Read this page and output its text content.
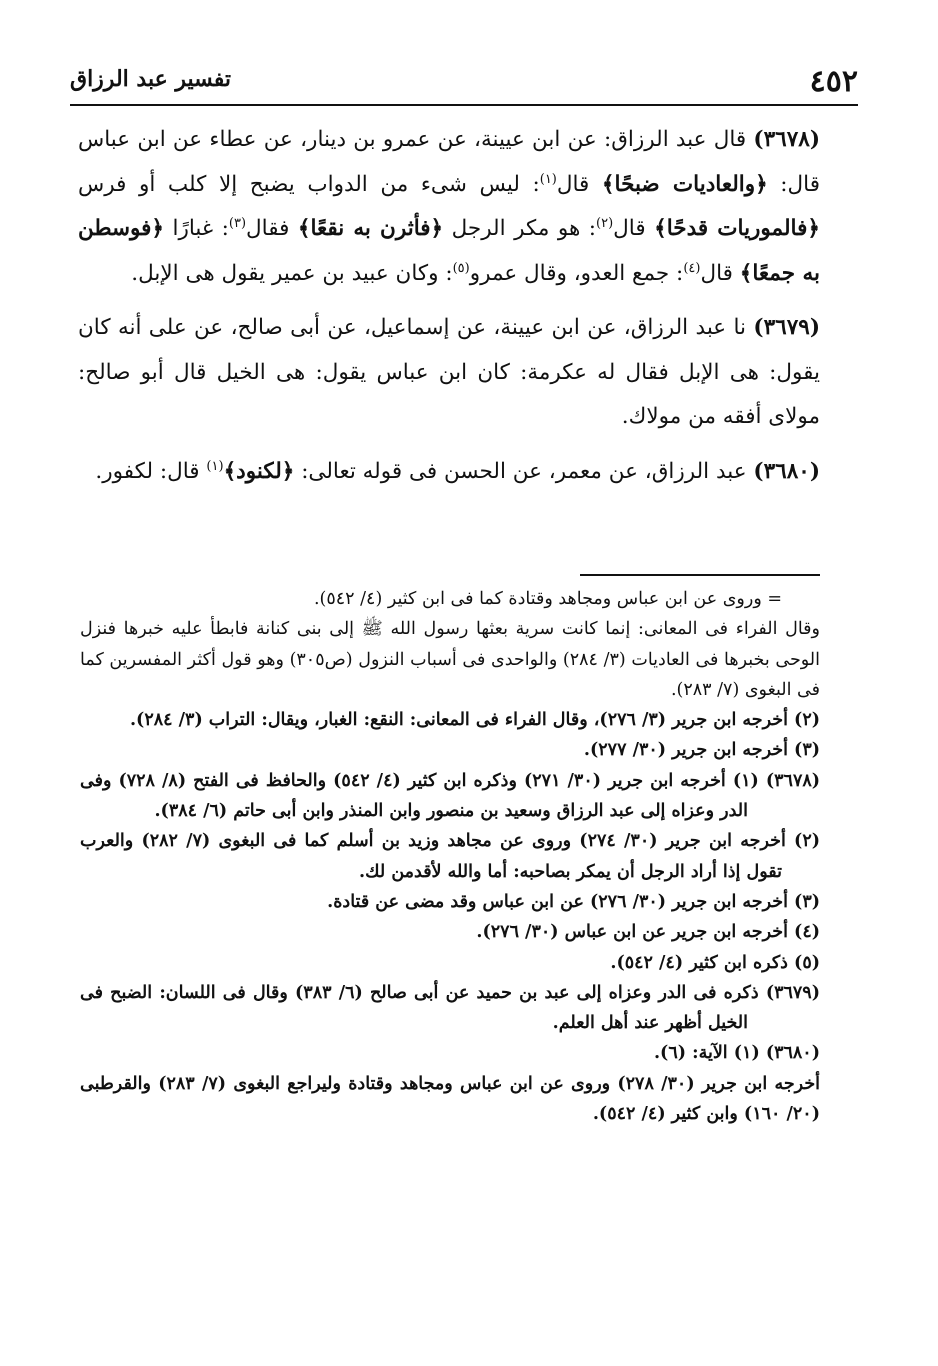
٤٥٢
تفسير عبد الرزاق

(٣٦٧٨) قال عبد الرزاق: عن ابن عيينة، عن عمرو بن دينار، عن عطاء عن ابن عباس قال: ﴿والعاديات ضبحًا﴾ قال$^{(١)}$: ليس شىء من الدواب يضبح إلا كلب أو فرس ﴿فالموريات قدحًا﴾ قال$^{(٢)}$: هو مكر الرجل ﴿فأثرن به نقعًا﴾ فقال$^{(٣)}$: غبارًا ﴿فوسطن به جمعًا﴾ قال$^{(٤)}$: جمع العدو، وقال عمرو$^{(٥)}$: وكان عبيد بن عمير يقول هى الإبل.

(٣٦٧٩) نا عبد الرزاق، عن ابن عيينة، عن إسماعيل، عن أبى صالح، عن على أنه كان يقول: هى الإبل فقال له عكرمة: كان ابن عباس يقول: هى الخيل قال أبو صالح: مولاى أفقه من مولاك.

(٣٦٨٠) عبد الرزاق، عن معمر، عن الحسن فى قوله تعالى: ﴿لكنود﴾$^{(١)}$ قال: لكفور.

= وروى عن ابن عباس ومجاهد وقتادة كما فى ابن كثير (٤/ ٥٤٢).

وقال الفراء فى المعانى: إنما كانت سرية بعثها رسول الله ﷺ إلى بنى كنانة فابطأ عليه خبرها فنزل الوحى بخبرها فى العاديات (٣/ ٢٨٤) والواحدى فى أسباب النزول (ص٣٠٥) وهو قول أكثر المفسرين كما فى البغوى (٧/ ٢٨٣).

(٢) أخرجه ابن جرير (٣/ ٢٧٦)، وقال الفراء فى المعانى: النقع: الغبار، ويقال: التراب (٣/ ٢٨٤).

(٣) أخرجه ابن جرير (٣٠/ ٢٧٧).

(٣٦٧٨) (١) أخرجه ابن جرير (٣٠/ ٢٧١) وذكره ابن كثير (٤/ ٥٤٢) والحافظ فى الفتح (٨/ ٧٢٨) وفى الدر وعزاه إلى عبد الرزاق وسعيد بن منصور وابن المنذر وابن أبى حاتم (٦/ ٣٨٤).

(٢) أخرجه ابن جرير (٣٠/ ٢٧٤) وروى عن مجاهد وزيد بن أسلم كما فى البغوى (٧/ ٢٨٢) والعرب تقول إذا أراد الرجل أن يمكر بصاحبه: أما والله لأقدمن لك.

(٣) أخرجه ابن جرير (٣٠/ ٢٧٦) عن ابن عباس وقد مضى عن قتادة.

(٤) أخرجه ابن جرير عن ابن عباس (٣٠/ ٢٧٦).

(٥) ذكره ابن كثير (٤/ ٥٤٢).

(٣٦٧٩) ذكره فى الدر وعزاه إلى عبد بن حميد عن أبى صالح (٦/ ٣٨٣) وقال فى اللسان: الضبح فى الخيل أظهر عند أهل العلم.

(٣٦٨٠) (١) الآية: (٦).

أخرجه ابن جرير (٣٠/ ٢٧٨) وروى عن ابن عباس ومجاهد وقتادة وليراجع البغوى (٧/ ٢٨٣) والقرطبى (٢٠/ ١٦٠) وابن كثير (٤/ ٥٤٢).
